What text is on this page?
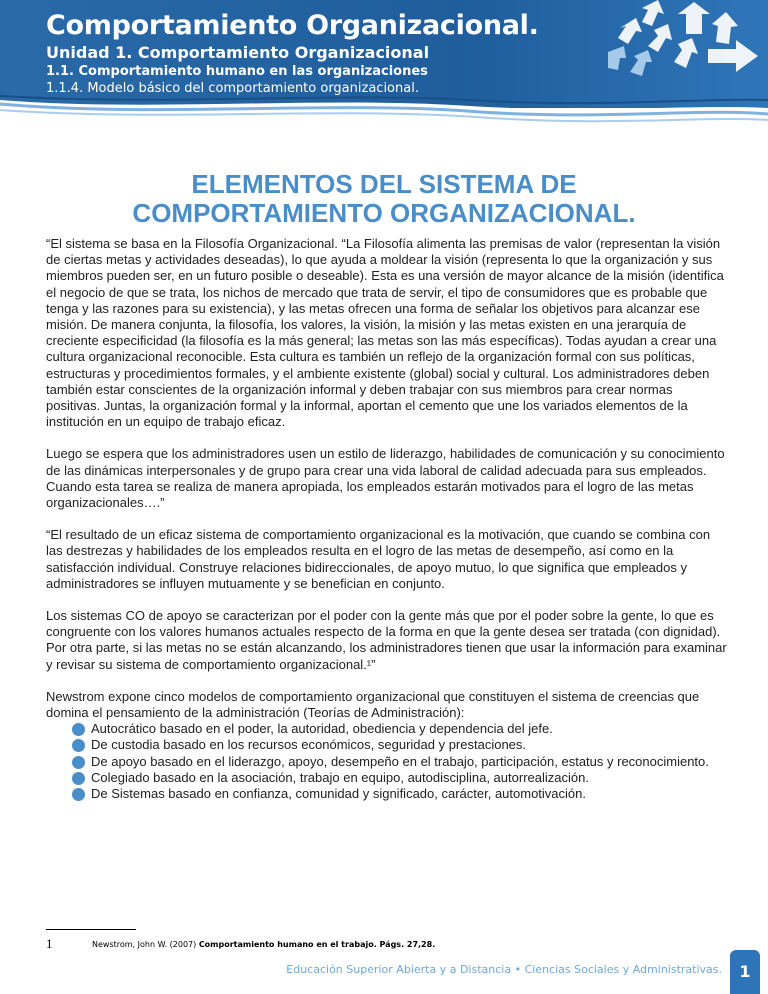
Comportamiento Organizacional.
Unidad 1. Comportamiento Organizacional
1.1. Comportamiento humano en las organizaciones
1.1.4. Modelo básico del comportamiento organizacional.
ELEMENTOS DEL SISTEMA DE
COMPORTAMIENTO ORGANIZACIONAL.

“El sistema se basa en la Filosofía Organizacional. “La Filosofía alimenta las premisas de valor (representan la visión de ciertas metas y actividades deseadas), lo que ayuda a moldear la visión (representa lo que la organización y sus miembros pueden ser, en un futuro posible o deseable). Esta es una versión de mayor alcance de la misión (identifica el negocio de que se trata, los nichos de mercado que trata de servir, el tipo de consumidores que es probable que tenga y las razones para su existencia), y las metas ofrecen una forma de señalar los objetivos para alcanzar ese misión. De manera conjunta, la filosofía, los valores, la visión, la misión y las metas existen en una jerarquía de creciente especificidad (la filosofía es la más general; las metas son las más específicas). Todas ayudan a crear una cultura organizacional reconocible. Esta cultura es también un reflejo de la organización formal con sus políticas, estructuras y procedimientos formales, y el ambiente existente (global) social y cultural. Los administradores deben también estar conscientes de la organización informal y deben trabajar con sus miembros para crear normas positivas. Juntas, la organización formal y la informal, aportan el cemento que une los variados elementos de la institución en un equipo de trabajo eficaz.

Luego se espera que los administradores usen un estilo de liderazgo, habilidades de comunicación y su conocimiento de las dinámicas interpersonales y de grupo para crear una vida laboral de calidad adecuada para sus empleados. Cuando esta tarea se realiza de manera apropiada, los empleados estarán motivados para el logro de las metas organizacionales….”

“El resultado de un eficaz sistema de comportamiento organizacional es la motivación, que cuando se combina con las destrezas y habilidades de los empleados resulta en el logro de las metas de desempeño, así como en la satisfacción individual. Construye relaciones bidireccionales, de apoyo mutuo, lo que significa que empleados y administradores se influyen mutuamente y se benefician en conjunto.

Los sistemas CO de apoyo se caracterizan por el poder con la gente más que por el poder sobre la gente, lo que es congruente con los valores humanos actuales respecto de la forma en que la gente desea ser tratada (con dignidad). Por otra parte, si las metas no se están alcanzando, los administradores tienen que usar la información para examinar y revisar su sistema de comportamiento organizacional.¹”

Newstrom expone cinco modelos de comportamiento organizacional que constituyen el sistema de creencias que domina el pensamiento de la administración (Teorías de Administración):

Autocrático basado en el poder, la autoridad, obediencia y dependencia del jefe.
De custodia basado en los recursos económicos, seguridad y prestaciones.
De apoyo basado en el liderazgo, apoyo, desempeño en el trabajo, participación, estatus y reconocimiento.
Colegiado basado en la asociación, trabajo en equipo, autodisciplina, autorrealización.
De Sistemas basado en confianza, comunidad y significado, carácter, automotivación.
1	Newstrom, John W. (2007) Comportamiento humano en el trabajo. Págs. 27,28.
Educación Superior Abierta y a Distancia • Ciencias Sociales y Administrativas.	1
